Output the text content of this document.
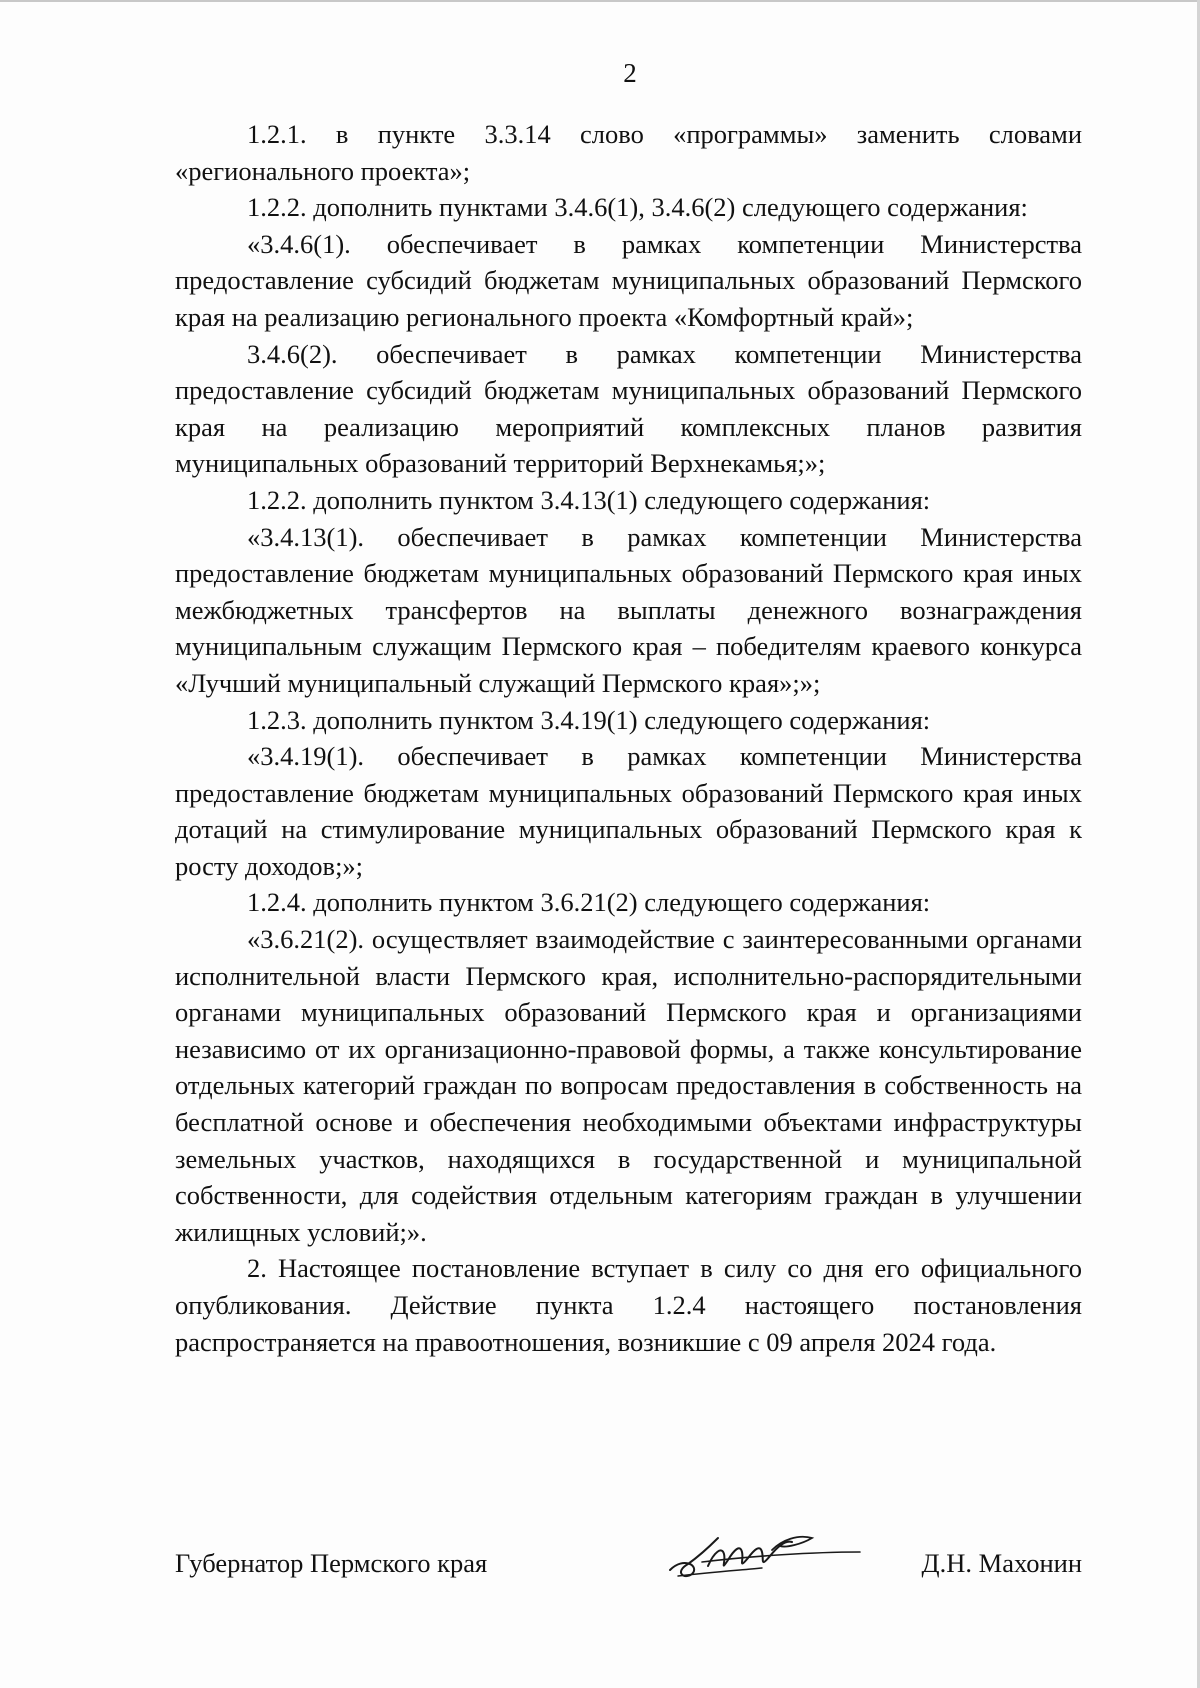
2

1.2.1. в пункте 3.3.14 слово «программы» заменить словами «регионального проекта»;

1.2.2. дополнить пунктами 3.4.6(1), 3.4.6(2) следующего содержания:

«3.4.6(1). обеспечивает в рамках компетенции Министерства предоставление субсидий бюджетам муниципальных образований Пермского края на реализацию регионального проекта «Комфортный край»;

3.4.6(2). обеспечивает в рамках компетенции Министерства предоставление субсидий бюджетам муниципальных образований Пермского края на реализацию мероприятий комплексных планов развития муниципальных образований территорий Верхнекамья;»;

1.2.2. дополнить пунктом 3.4.13(1) следующего содержания:

«3.4.13(1). обеспечивает в рамках компетенции Министерства предоставление бюджетам муниципальных образований Пермского края иных межбюджетных трансфертов на выплаты денежного вознаграждения муниципальным служащим Пермского края – победителям краевого конкурса «Лучший муниципальный служащий Пермского края»;»;

1.2.3. дополнить пунктом 3.4.19(1) следующего содержания:

«3.4.19(1). обеспечивает в рамках компетенции Министерства предоставление бюджетам муниципальных образований Пермского края иных дотаций на стимулирование муниципальных образований Пермского края к росту доходов;»;

1.2.4. дополнить пунктом 3.6.21(2) следующего содержания:

«3.6.21(2). осуществляет взаимодействие с заинтересованными органами исполнительной власти Пермского края, исполнительно-распорядительными органами муниципальных образований Пермского края и организациями независимо от их организационно-правовой формы, а также консультирование отдельных категорий граждан по вопросам предоставления в собственность на бесплатной основе и обеспечения необходимыми объектами инфраструктуры земельных участков, находящихся в государственной и муниципальной собственности, для содействия отдельным категориям граждан в улучшении жилищных условий;».

2. Настоящее постановление вступает в силу со дня его официального опубликования. Действие пункта 1.2.4 настоящего постановления распространяется на правоотношения, возникшие с 09 апреля 2024 года.

Губернатор Пермского края	Д.Н. Махонин
